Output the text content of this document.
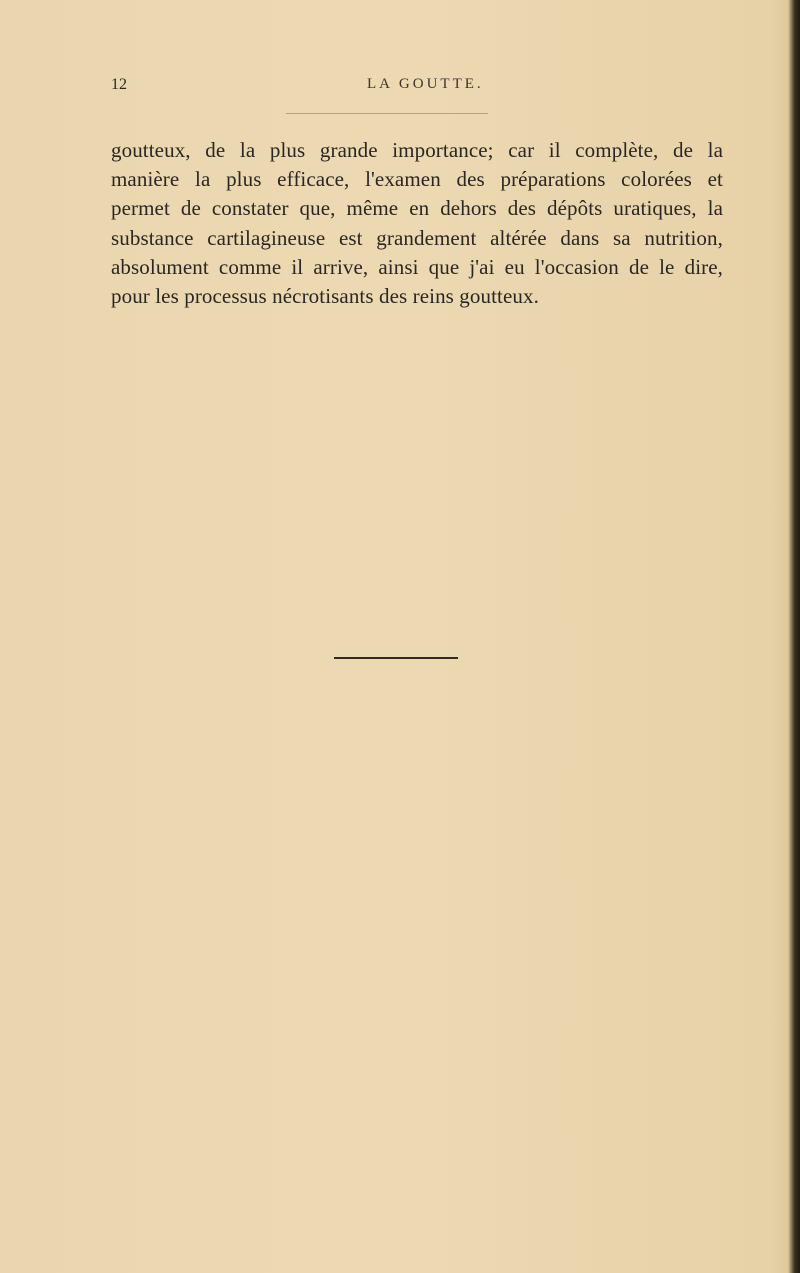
12	LA GOUTTE.

goutteux, de la plus grande importance; car il complète, de la
manière la plus efficace, l'examen des préparations colorées et
permet de constater que, même en dehors des dépôts uratiques, la
substance cartilagineuse est grandement altérée dans sa nutrition,
absolument comme il arrive, ainsi que j'ai eu l'occasion de le dire,
pour les processus nécrotisants des reins goutteux.
